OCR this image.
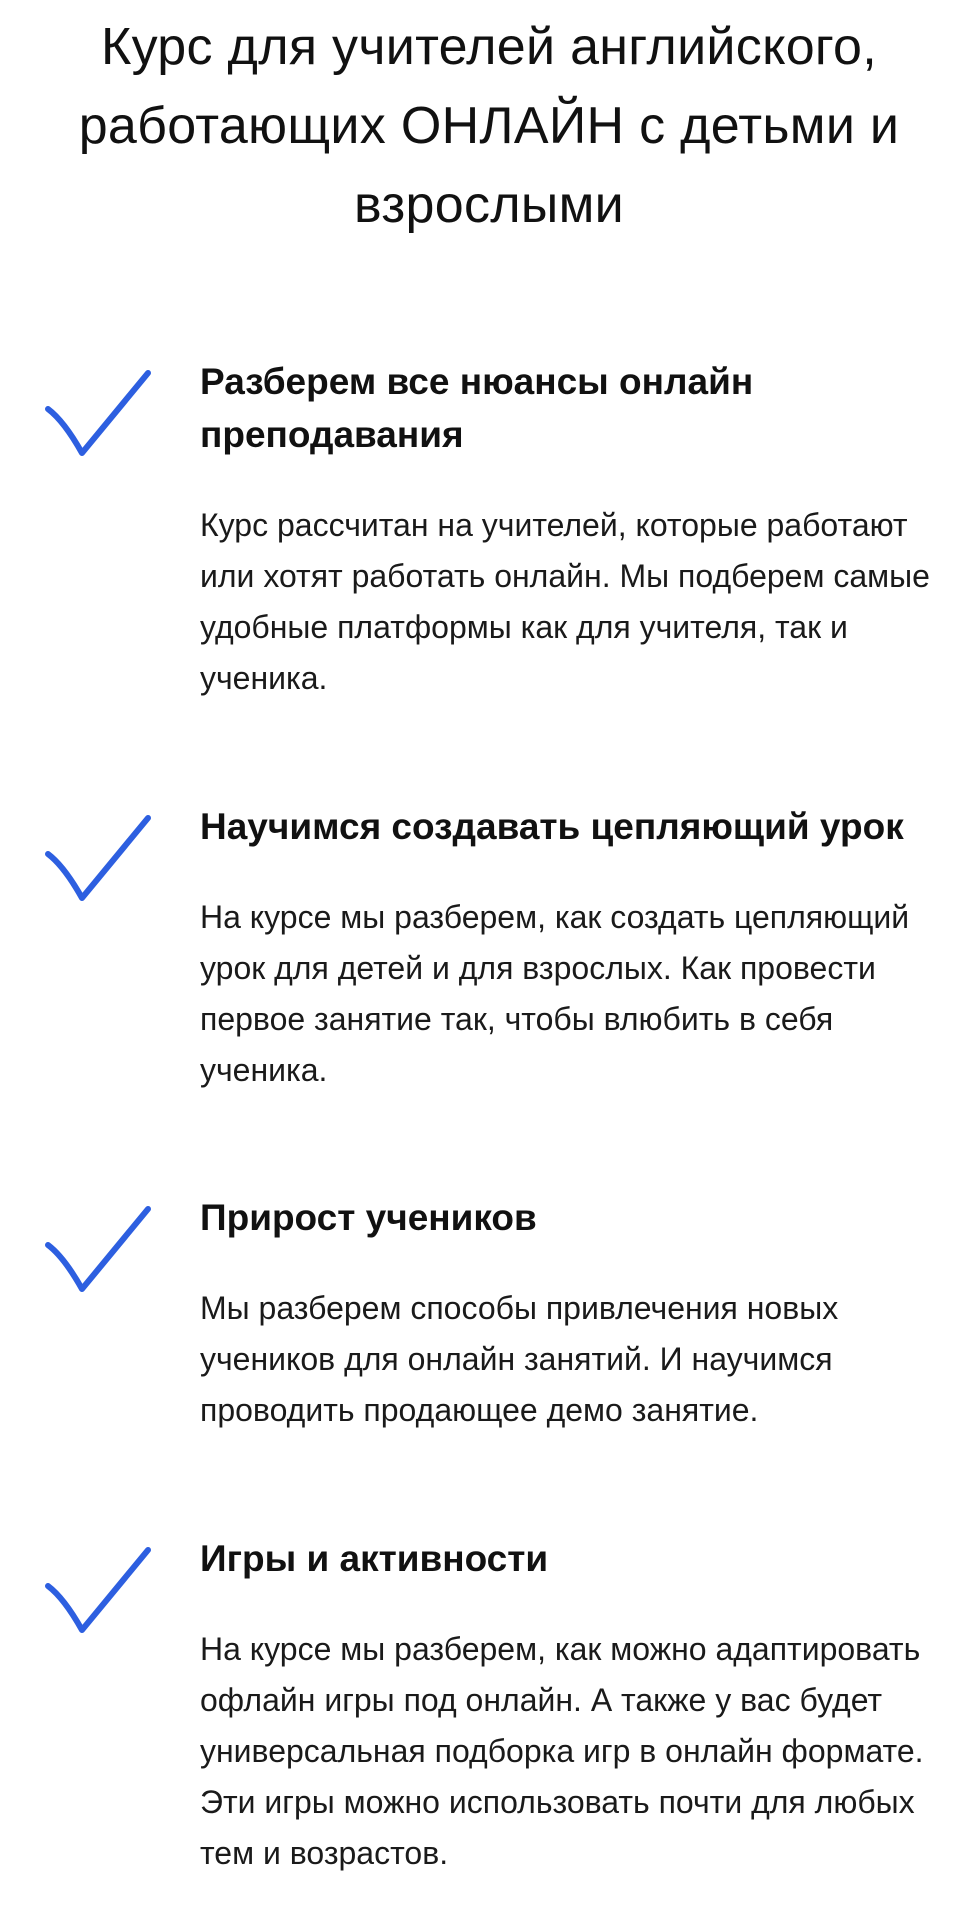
Курс для учителей английского, работающих ОНЛАЙН с детьми и взрослыми
Разберем все нюансы онлайн преподавания

Курс рассчитан на учителей, которые работают или хотят работать онлайн. Мы подберем самые удобные платформы как для учителя, так и ученика.

Научимся создавать цепляющий урок

На курсе мы разберем, как создать цепляющий урок для детей и для взрослых. Как провести первое занятие так, чтобы влюбить в себя ученика.

Прирост учеников

Мы разберем способы привлечения новых учеников для онлайн занятий. И научимся проводить продающее демо занятие.

Игры и активности

На курсе мы разберем, как можно адаптировать офлайн игры под онлайн. А также у вас будет универсальная подборка игр в онлайн формате. Эти игры можно использовать почти для любых тем и возрастов.
